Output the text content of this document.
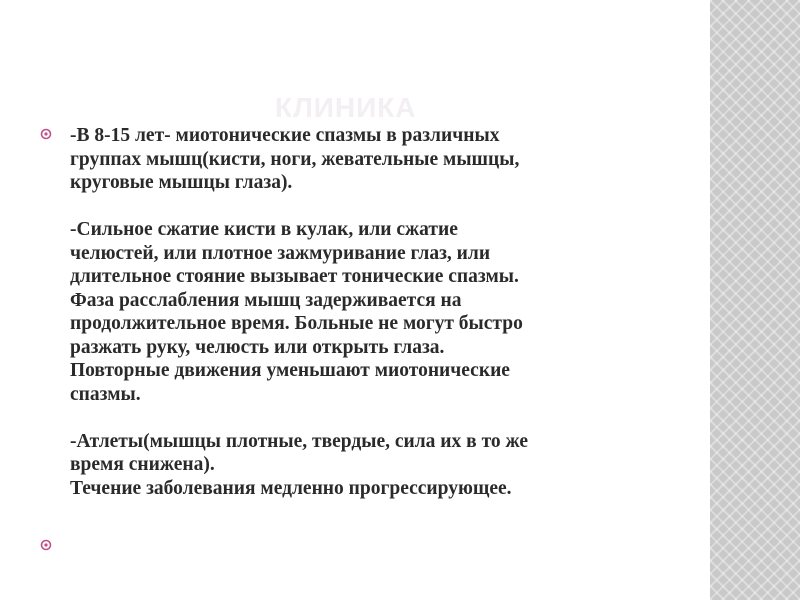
КЛИНИКА

-В 8-15 лет- миотонические спазмы в различных

группах мышц(кисти, ноги, жевательные мышцы,

круговые мышцы глаза).

-Сильное сжатие кисти в кулак, или сжатие

челюстей, или плотное зажмуривание глаз, или

длительное стояние вызывает тонические спазмы.

Фаза расслабления мышц задерживается на

продолжительное время. Больные не могут быстро

разжать руку, челюсть или открыть глаза.

Повторные движения уменьшают миотонические

спазмы.

-Атлеты(мышцы плотные, твердые, сила их в то же

время снижена).

Течение заболевания медленно прогрессирующее.
